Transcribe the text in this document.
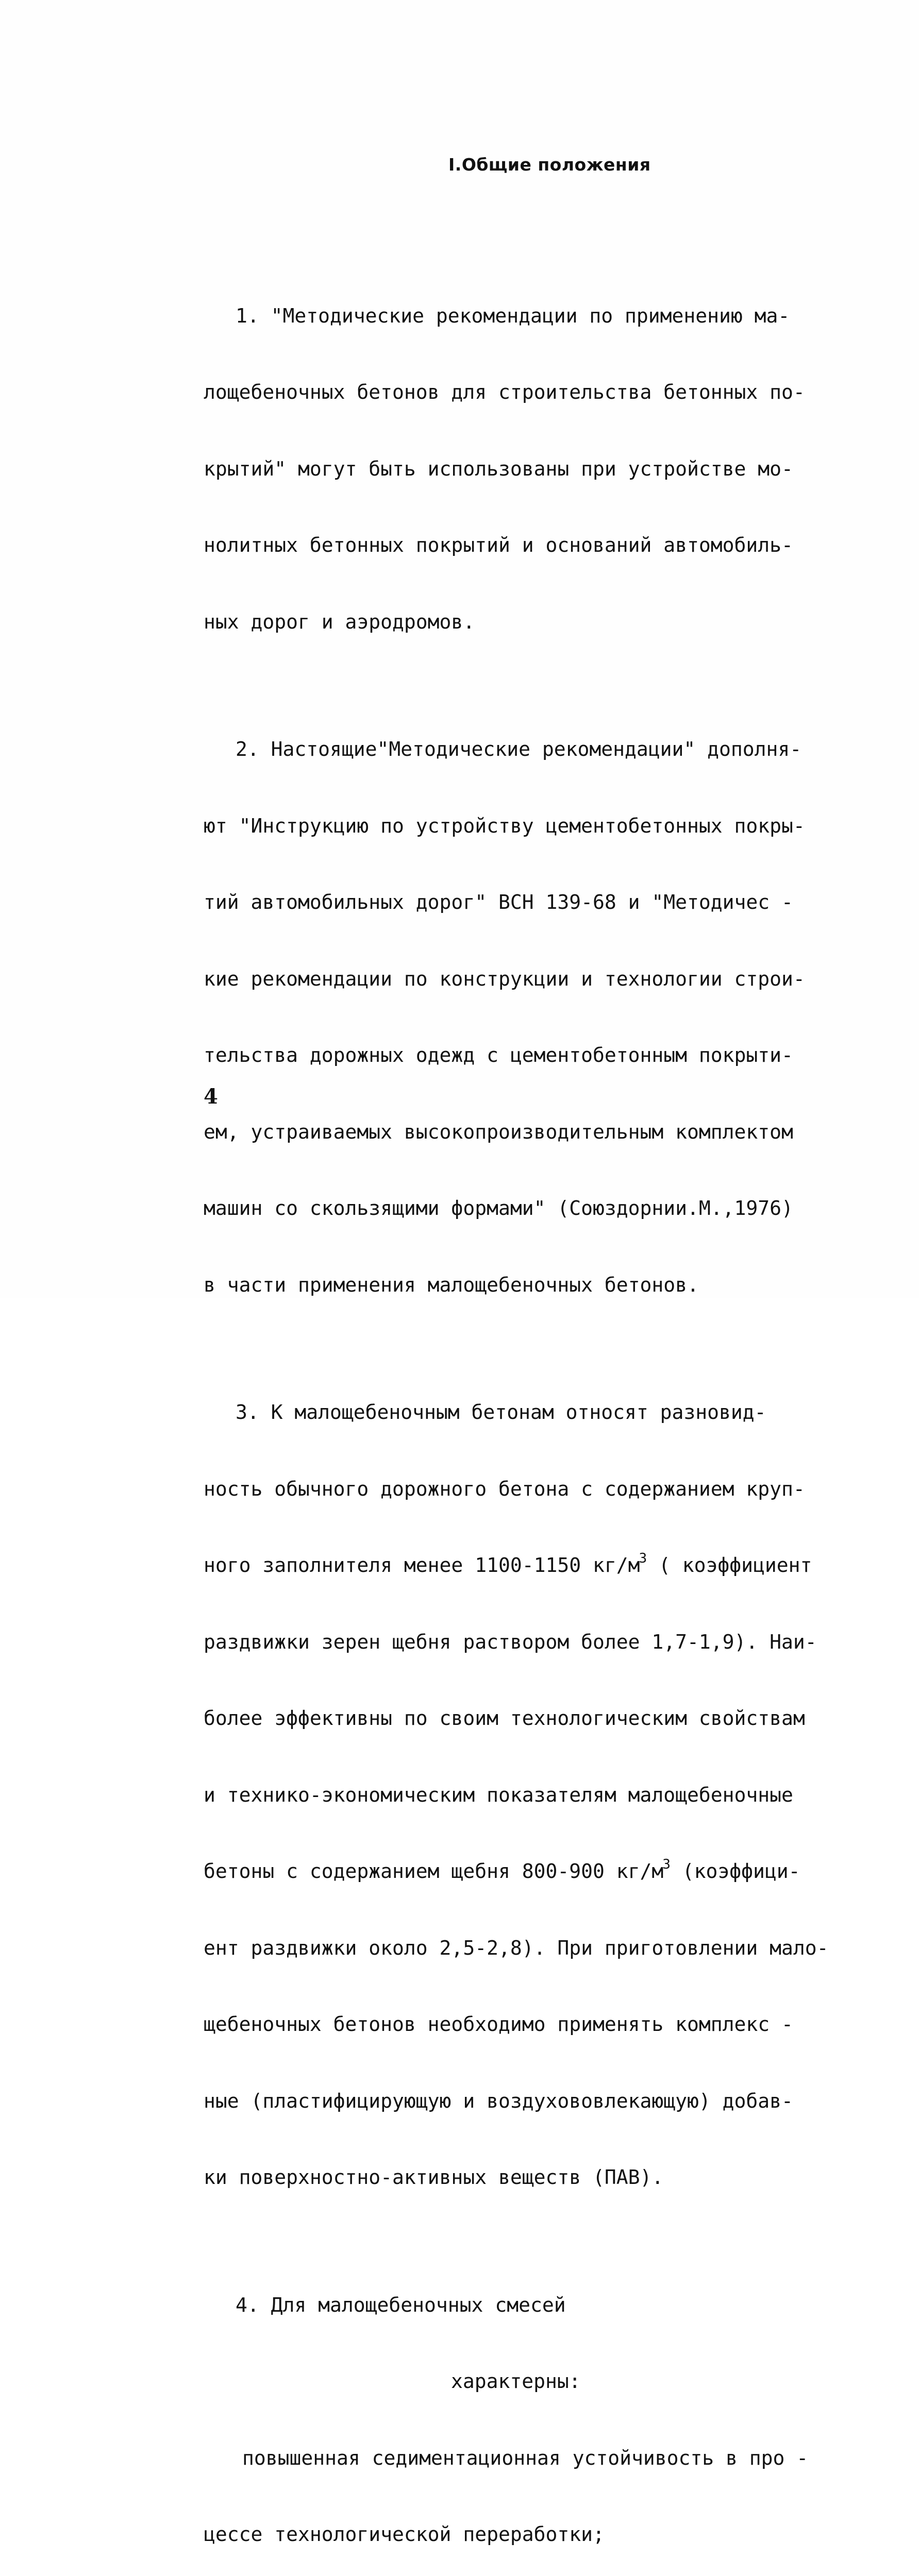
I.Общие положения

1. "Методические рекомендации по применению ма-

лощебеночных бетонов для строительства бетонных по-

крытий" могут быть использованы при устройстве мо-

нолитных бетонных покрытий и оснований автомобиль-

ных дорог и аэродромов.

2. Настоящие"Методические рекомендации" дополня-

ют "Инструкцию по устройству цементобетонных покры-

тий автомобильных дорог" ВСН 139-68 и "Методичес -

кие рекомендации по конструкции и технологии строи-

тельства дорожных одежд с цементобетонным покрыти-

ем, устраиваемых высокопроизводительным комплектом

машин со скользящими формами" (Союздорнии.М.,1976)

в части применения малощебеночных бетонов.

3. К малощебеночным бетонам относят разновид-

ность обычного дорожного бетона с содержанием круп-

ного заполнителя менее 1100-1150 $кг/м^3$ ( коэффициент

раздвижки зерен щебня раствором более 1,7-1,9). Наи-

более эффективны по своим технологическим свойствам

и технико-экономическим показателям малощебеночные

бетоны с содержанием щебня 800-900 $кг/м^3$ (коэффици-

ент раздвижки около 2,5-2,8). При приготовлении мало-

щебеночных бетонов необходимо применять комплекс -

ные (пластифицирующую и воздухововлекающую) добав-

ки поверхностно-активных веществ (ПАВ).

4. Для малощебеночных смесей

характерны:

повышенная седиментационная устойчивость в про -

цессе технологической переработки;

4
